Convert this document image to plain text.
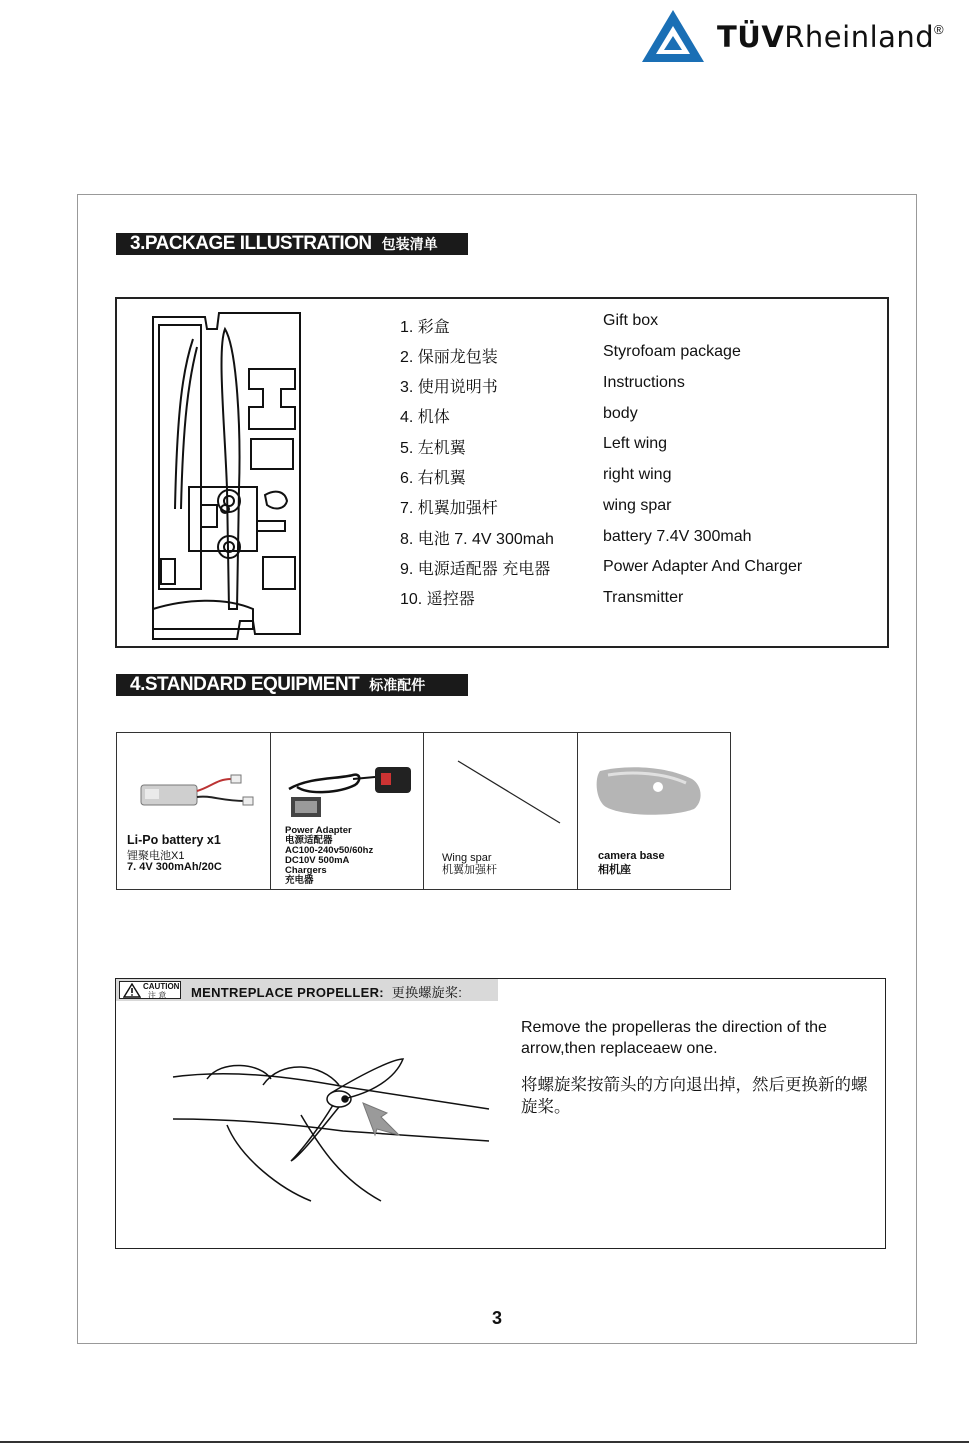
TÜVRheinland ®
3.PACKAGE ILLUSTRATION 包装清单
1. 彩盒	Gift box
2. 保丽龙包装	Styrofoam package
3. 使用说明书	Instructions
4. 机体	body
5. 左机翼	Left wing
6. 右机翼	right wing
7. 机翼加强杆	wing spar
8. 电池 7. 4V 300mah	battery 7.4V 300mah
9. 电源适配器 充电器	Power Adapter And Charger
10. 遥控器	Transmitter
4.STANDARD EQUIPMENT 标准配件
Li-Po battery x1
锂聚电池X1
7. 4V 300mAh/20C
Power Adapter
电源适配器
AC100-240v50/60hz
DC10V 500mA
Chargers
充电器
Wing spar
机翼加强杆
camera base
相机座
CAUTION
注 意 MENTREPLACE PROPELLER: 更换螺旋桨:
Remove the propelleras the direction of the arrow,then replaceaew one.
将螺旋桨按箭头的方向退出掉，然后更换新的螺旋桨。
3
